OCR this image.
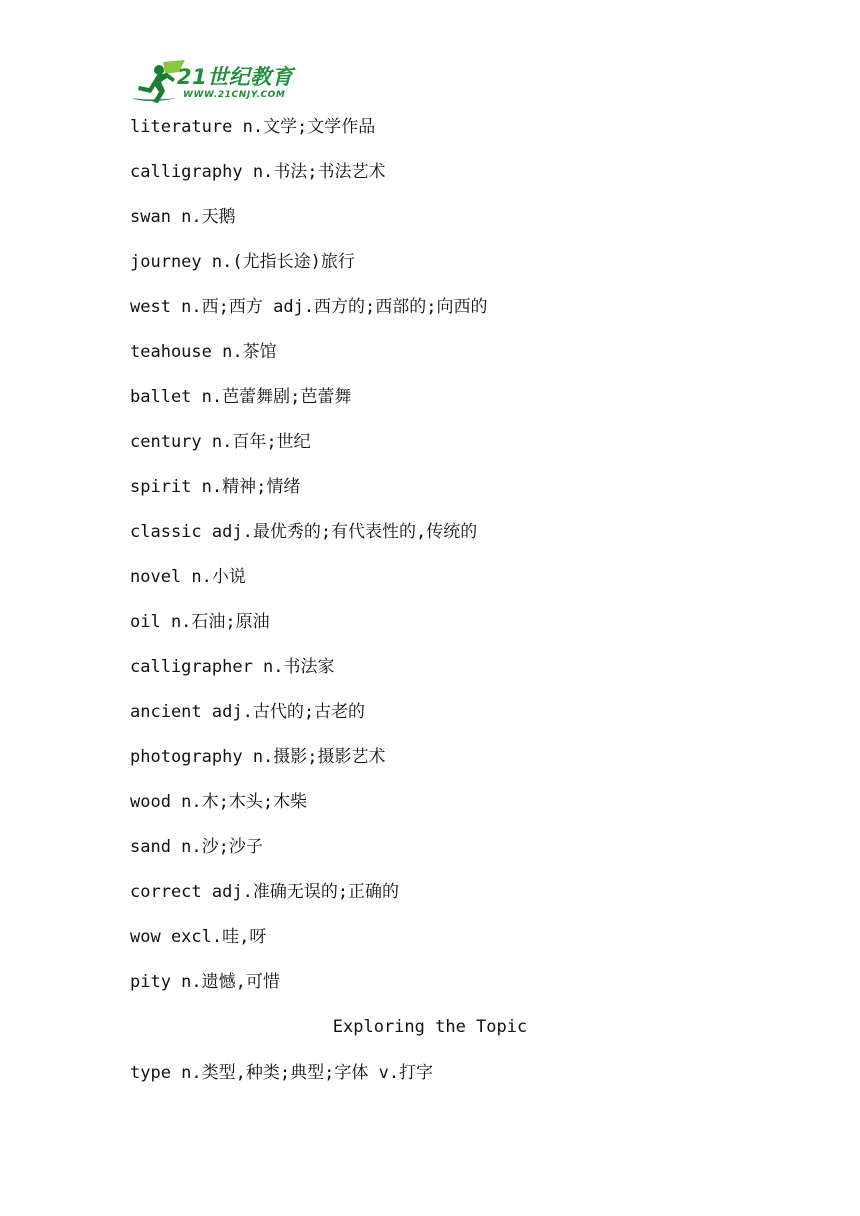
21世纪教育
WWW.21CNJY.COM
literature n.文学;文学作品
calligraphy n.书法;书法艺术
swan n.天鹅
journey n.(尤指长途)旅行
west n.西;西方 adj.西方的;西部的;向西的
teahouse n.茶馆
ballet n.芭蕾舞剧;芭蕾舞
century n.百年;世纪
spirit n.精神;情绪
classic adj.最优秀的;有代表性的,传统的
novel n.小说
oil n.石油;原油
calligrapher n.书法家
ancient adj.古代的;古老的
photography n.摄影;摄影艺术
wood n.木;木头;木柴
sand n.沙;沙子
correct adj.准确无误的;正确的
wow excl.哇,呀
pity n.遗憾,可惜
Exploring the Topic
type n.类型,种类;典型;字体 v.打字
